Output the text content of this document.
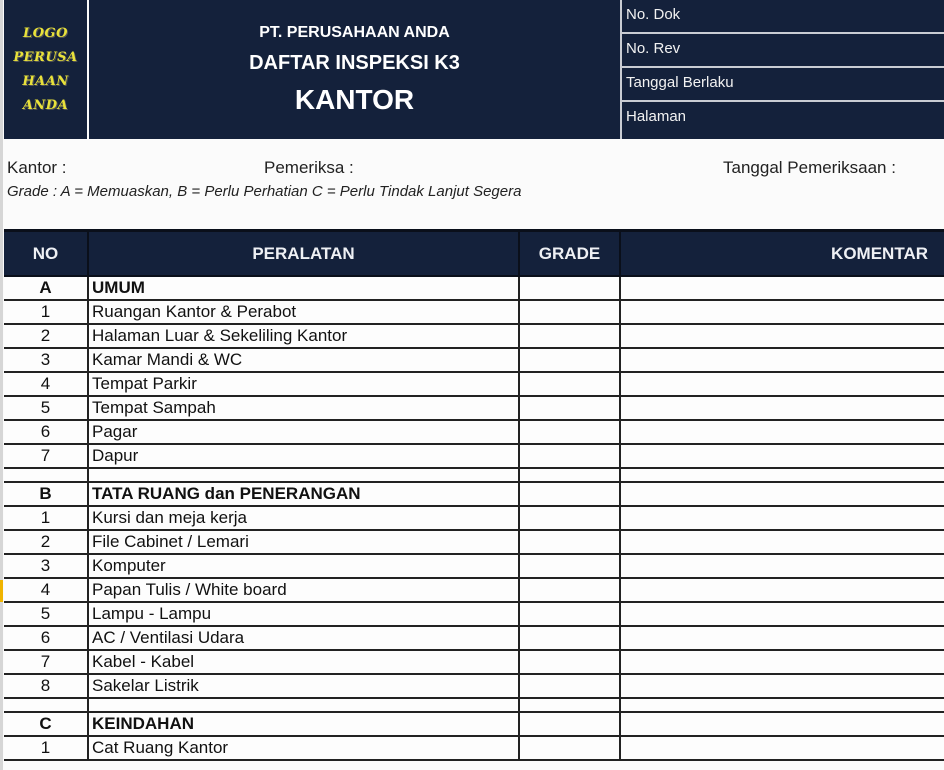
LOGO
PERUSA
HAAN
ANDA
PT. PERUSAHAAN ANDA
DAFTAR INSPEKSI K3
KANTOR
No. Dok
No. Rev
Tanggal Berlaku
Halaman
Kantor :	Pemeriksa :	Tanggal Pemeriksaan :
Grade : A = Memuaskan, B = Perlu Perhatian C = Perlu Tindak Lanjut Segera
NO	PERALATAN	GRADE	KOMENTAR
A	UMUM		
1	Ruangan Kantor & Perabot		
2	Halaman Luar & Sekeliling Kantor		
3	Kamar Mandi & WC		
4	Tempat Parkir		
5	Tempat Sampah		
6	Pagar		
7	Dapur		

B	TATA RUANG dan PENERANGAN		
1	Kursi dan meja kerja		
2	File Cabinet / Lemari		
3	Komputer		
4	Papan Tulis / White board		
5	Lampu - Lampu		
6	AC / Ventilasi Udara		
7	Kabel - Kabel		
8	Sakelar Listrik		

C	KEINDAHAN		
1	Cat Ruang Kantor		
